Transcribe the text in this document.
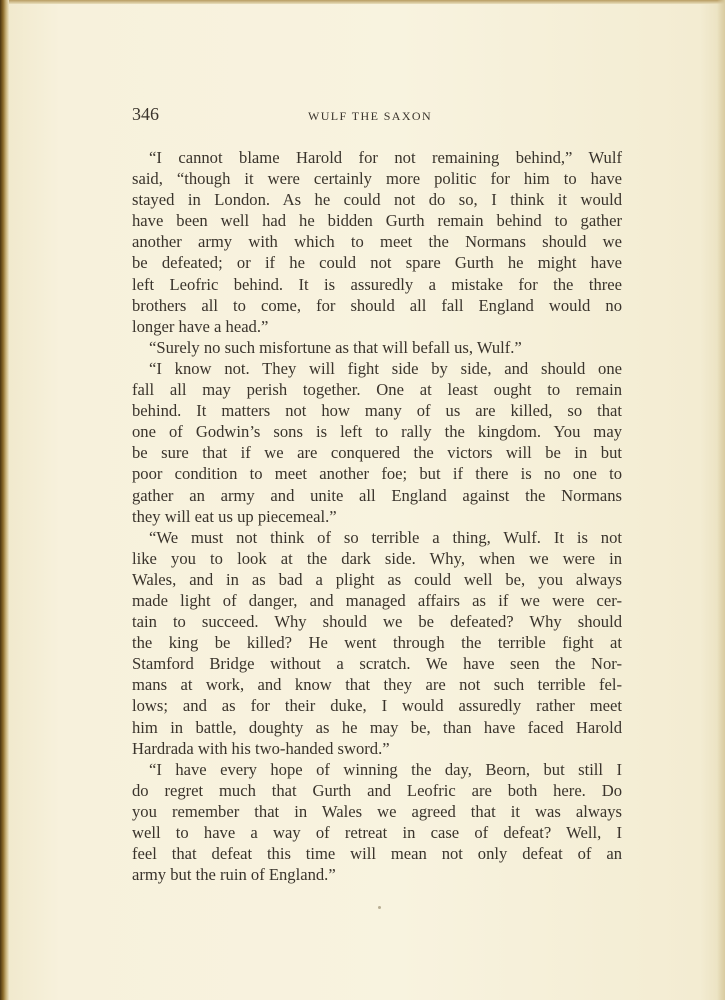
346	WULF THE SAXON
“I cannot blame Harold for not remaining behind,” Wulf
said, “though it were certainly more politic for him to have
stayed in London. As he could not do so, I think it would
have been well had he bidden Gurth remain behind to gather
another army with which to meet the Normans should we
be defeated; or if he could not spare Gurth he might have
left Leofric behind. It is assuredly a mistake for the three
brothers all to come, for should all fall England would no
longer have a head.”
“Surely no such misfortune as that will befall us, Wulf.”
“I know not. They will fight side by side, and should one
fall all may perish together. One at least ought to remain
behind. It matters not how many of us are killed, so that
one of Godwin’s sons is left to rally the kingdom. You may
be sure that if we are conquered the victors will be in but
poor condition to meet another foe; but if there is no one to
gather an army and unite all England against the Normans
they will eat us up piecemeal.”
“We must not think of so terrible a thing, Wulf. It is not
like you to look at the dark side. Why, when we were in
Wales, and in as bad a plight as could well be, you always
made light of danger, and managed affairs as if we were cer-
tain to succeed. Why should we be defeated? Why should
the king be killed? He went through the terrible fight at
Stamford Bridge without a scratch. We have seen the Nor-
mans at work, and know that they are not such terrible fel-
lows; and as for their duke, I would assuredly rather meet
him in battle, doughty as he may be, than have faced Harold
Hardrada with his two-handed sword.”
“I have every hope of winning the day, Beorn, but still I
do regret much that Gurth and Leofric are both here. Do
you remember that in Wales we agreed that it was always
well to have a way of retreat in case of defeat? Well, I
feel that defeat this time will mean not only defeat of an
army but the ruin of England.”
